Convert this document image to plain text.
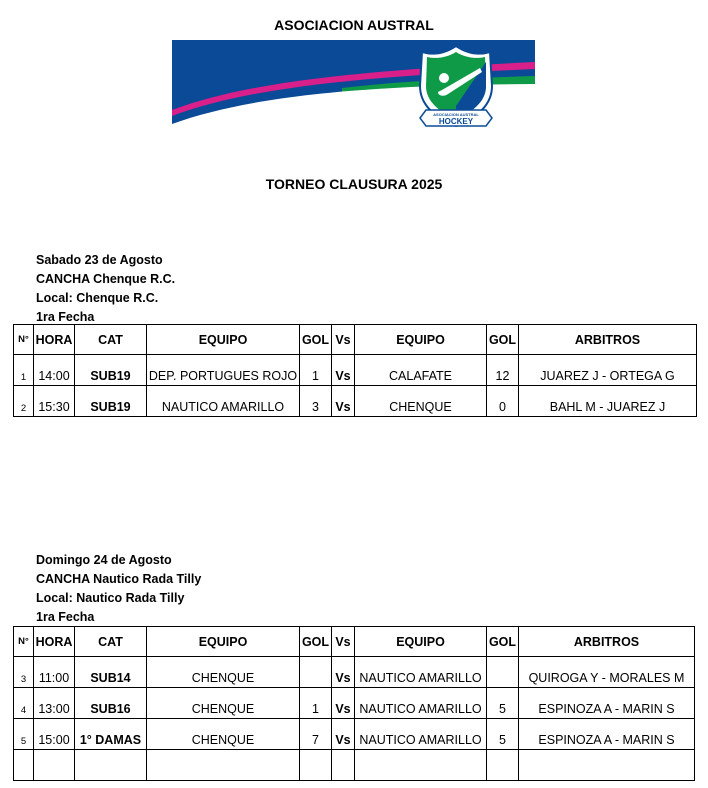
ASOCIACION AUSTRAL
ASOCIACION AUSTRAL
HOCKEY
TORNEO CLAUSURA 2025
Sabado 23 de Agosto
CANCHA Chenque R.C.
Local: Chenque R.C.
1ra Fecha
N°	HORA	CAT	EQUIPO	GOL	Vs	EQUIPO	GOL	ARBITROS
1	14:00	SUB19	DEP. PORTUGUES ROJO	1	Vs	CALAFATE	12	JUAREZ J - ORTEGA G
2	15:30	SUB19	NAUTICO AMARILLO	3	Vs	CHENQUE	0	BAHL M - JUAREZ J
Domingo 24 de Agosto
CANCHA Nautico Rada Tilly
Local: Nautico Rada Tilly
1ra Fecha
N°	HORA	CAT	EQUIPO	GOL	Vs	EQUIPO	GOL	ARBITROS
3	11:00	SUB14	CHENQUE		Vs	NAUTICO AMARILLO		QUIROGA Y - MORALES M
4	13:00	SUB16	CHENQUE	1	Vs	NAUTICO AMARILLO	5	ESPINOZA A - MARIN S
5	15:00	1° DAMAS	CHENQUE	7	Vs	NAUTICO AMARILLO	5	ESPINOZA A - MARIN S
